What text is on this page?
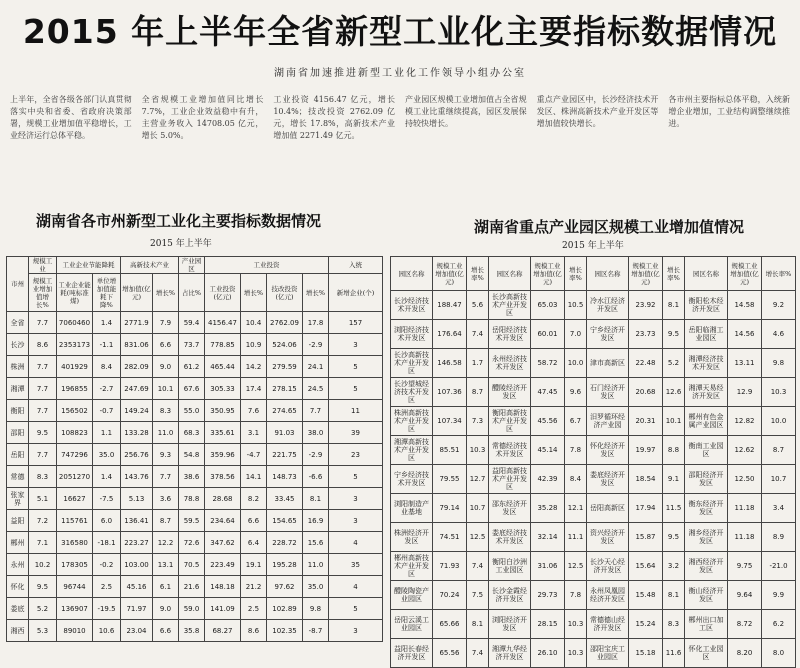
2015 年上半年全省新型工业化主要指标数据情况
湖南省加速推进新型工业化工作领导小组办公室

上半年，全省各级各部门认真贯彻落实中央和省委、省政府决策部署，规模工业增加值平稳增长，工业经济运行总体平稳。

全省规模工业增加值同比增长 7.7%，工业企业效益稳中有升，主营业务收入 14708.05 亿元，增长 5.0%。

工业投资 4156.47 亿元，增长 10.4%；技改投资 2762.09 亿元，增长 17.8%，高新技术产业增加值 2271.49 亿元。

产业园区规模工业增加值占全省规模工业比重继续提高，园区发展保持较快增长。

重点产业园区中，长沙经济技术开发区、株洲高新技术产业开发区等增加值较快增长。

各市州主要指标总体平稳，入统新增企业增加，工业结构调整继续推进。

湖南省各市州新型工业化主要指标数据情况
2015 年上半年
湖南省重点产业园区规模工业增加值情况
2015 年上半年
市州	规模工业	工业企业节能降耗		高新技术产业		产业园区	工业投资				入统
	规模工业增加值增长%	工业企业能耗(吨标准煤)	单位增加值能耗下降%	增加值(亿元)	增长%	占比%	工业投资(亿元)	增长%	技改投资(亿元)	增长%	新增企业(个)
全省	7.7	7060460	1.4	2771.9	7.9	59.4	4156.47	10.4	2762.09	17.8	157
长沙	8.6	2353173	-1.1	831.06	6.6	73.7	778.85	10.9	524.06	-2.9	3
株洲	7.7	401929	8.4	282.09	9.0	61.2	465.44	14.2	279.59	24.1	5
湘潭	7.7	196855	-2.7	247.69	10.1	67.6	305.33	17.4	278.15	24.5	5
衡阳	7.7	156502	-0.7	149.24	8.3	55.0	350.95	7.6	274.65	7.7	11
邵阳	9.5	108823	1.1	133.28	11.0	68.3	335.61	3.1	91.03	38.0	39
岳阳	7.7	747296	35.0	256.76	9.3	54.8	359.96	-4.7	221.75	-2.9	23
常德	8.3	2051270	1.4	143.76	7.7	38.6	378.56	14.1	148.73	-6.6	5
张家界	5.1	16627	-7.5	5.13	3.6	78.8	28.68	8.2	33.45	8.1	3
益阳	7.2	115761	6.0	136.41	8.7	59.5	234.64	6.6	154.65	16.9	3
郴州	7.1	316580	-18.1	223.27	12.2	72.6	347.62	6.4	228.72	15.6	4
永州	10.2	178305	-0.2	103.00	13.1	70.5	223.49	19.1	195.28	11.0	35
怀化	9.5	96744	2.5	45.16	6.1	21.6	148.18	21.2	97.62	35.0	4
娄底	5.2	136907	-19.5	71.97	9.0	59.0	141.09	2.5	102.89	9.8	5
湘西	5.3	89010	10.6	23.04	6.6	35.8	68.27	8.6	102.35	-8.7	3
园区名称	规模工业增加值(亿元)	增长率%	园区名称	规模工业增加值(亿元)	增长率%	园区名称	规模工业增加值(亿元)	增长率%	园区名称	规模工业增加值(亿元)	增长率%
长沙经济技术开发区	188.47	5.6	长沙高新技术产业开发区	65.03	10.5	冷水江经济开发区	23.92	8.1	衡阳松木经济开发区	14.58	9.2
浏阳经济技术开发区	176.64	7.4	岳阳经济技术开发区	60.01	7.0	宁乡经济开发区	23.73	9.5	岳阳临湘工业园区	14.56	4.6
长沙高新技术产业开发区	146.58	1.7	永州经济技术开发区	58.72	10.0	津市高新区	22.48	5.2	湘潭经济技术开发区	13.11	9.8
长沙望城经济技术开发区	107.36	8.7	醴陵经济开发区	47.45	9.6	石门经济开发区	20.68	12.6	湘潭天易经济开发区	12.9	10.3
株洲高新技术产业开发区	107.34	7.3	衡阳高新技术产业开发区	45.56	6.7	汨罗循环经济产业园	20.31	10.1	郴州有色金属产业园区	12.82	10.0
湘潭高新技术产业开发区	85.51	10.3	常德经济技术开发区	45.14	7.8	怀化经济开发区	19.97	8.8	衡南工业园区	12.62	8.7
宁乡经济技术开发区	79.55	12.7	益阳高新技术产业开发区	42.39	8.4	娄底经济开发区	18.54	9.1	邵阳经济开发区	12.50	10.7
浏阳制造产业基地	79.14	10.7	邵东经济开发区	35.28	12.1	岳阳高新区	17.94	11.5	衡东经济开发区	11.18	3.4
株洲经济开发区	74.51	12.5	娄底经济技术开发区	32.14	11.1	资兴经济开发区	15.87	9.5	湘乡经济开发区	11.18	8.9
郴州高新技术产业开发区	71.93	7.4	衡阳白沙洲工业园区	31.06	12.5	长沙天心经济开发区	15.64	3.2	湘西经济开发区	9.75	-21.0
醴陵陶瓷产业园区	70.24	7.5	长沙金霞经济开发区	29.73	7.8	永州凤凰园经济开发区	15.48	8.1	衡山经济开发区	9.64	9.9
岳阳云溪工业园区	65.66	8.1	浏阳经济开发区	28.15	10.3	常德德山经济开发区	15.24	8.3	郴州出口加工区	8.72	6.2
益阳长春经济开发区	65.56	7.4	湘潭九华经济开发区	26.10	10.3	邵阳宝庆工业园区	15.18	11.6	怀化工业园区	8.20	8.0
